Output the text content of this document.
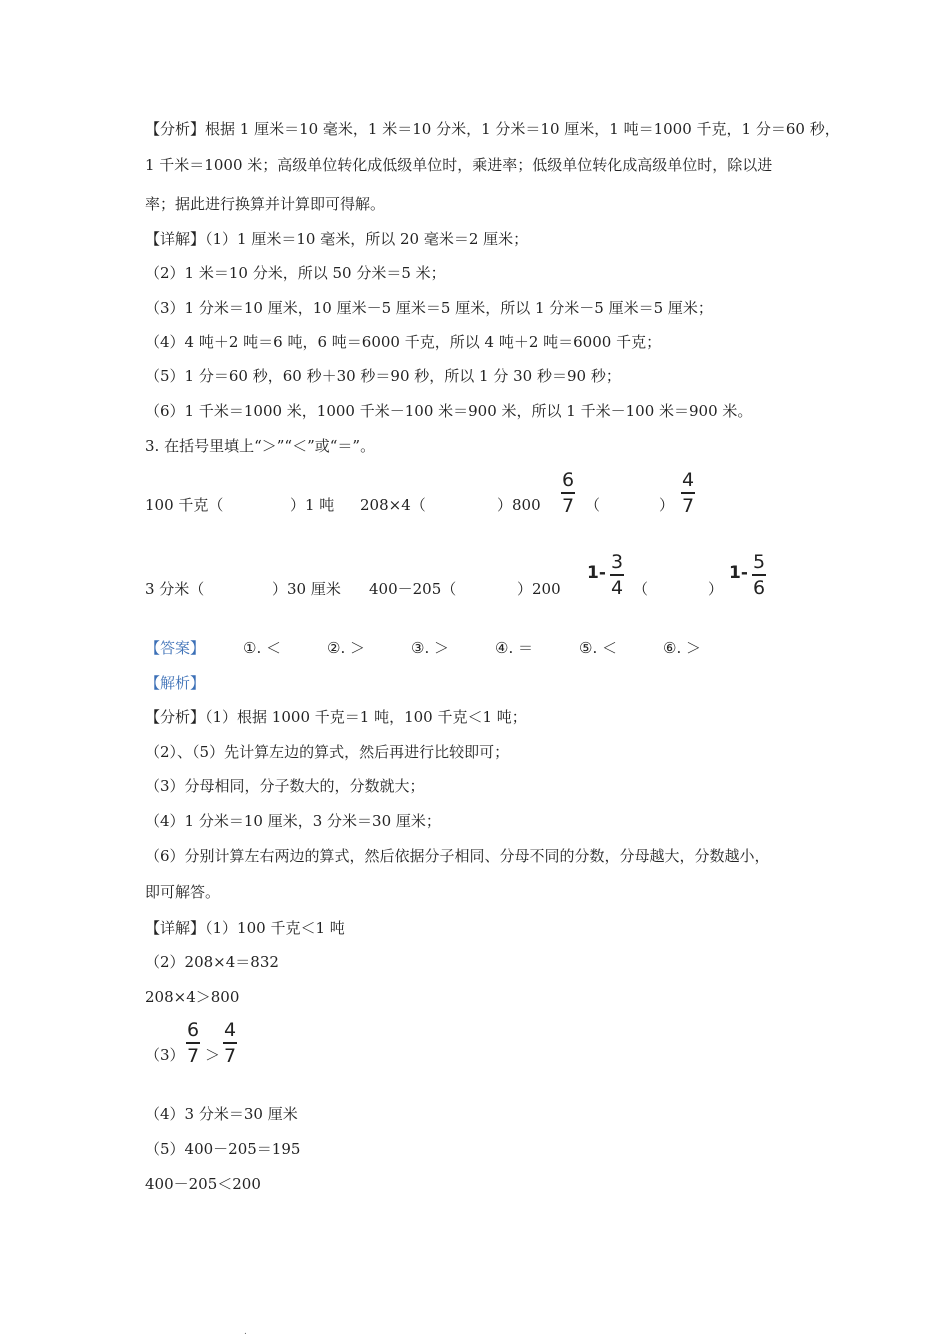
【分析】根据 1 厘米＝10 毫米，1 米＝10 分米，1 分米＝10 厘米，1 吨＝1000 千克，1 分＝60 秒，
1 千米＝1000 米；高级单位转化成低级单位时，乘进率；低级单位转化成高级单位时，除以进
率；据此进行换算并计算即可得解。
【详解】（1）1 厘米＝10 毫米，所以 20 毫米＝2 厘米；
（2）1 米＝10 分米，所以 50 分米＝5 米；
（3）1 分米＝10 厘米，10 厘米－5 厘米＝5 厘米，所以 1 分米－5 厘米＝5 厘米；
（4）4 吨＋2 吨＝6 吨，6 吨＝6000 千克，所以 4 吨＋2 吨＝6000 千克；
（5）1 分＝60 秒，60 秒＋30 秒＝90 秒，所以 1 分 30 秒＝90 秒；
（6）1 千米＝1000 米，1000 千米－100 米＝900 米，所以 1 千米－100 米＝900 米。
3. 在括号里填上“＞”“＜”或“＝”。
100 千克（	）1 吨 208×4（	）800
6
7 （	）
4
7
3 分米（	）30 厘米 400－205（	）200
1- 3
4 （	）
1- 5
6
【答案】	①. ＜	②. ＞	③. ＞	④. ＝	⑤. ＜	⑥. ＞
【解析】
【分析】（1）根据 1000 千克＝1 吨，100 千克＜1 吨；
（2）、（5）先计算左边的算式，然后再进行比较即可；
（3）分母相同，分子数大的，分数就大；
（4）1 分米＝10 厘米，3 分米＝30 厘米；
（6）分别计算左右两边的算式，然后依据分子相同、分母不同的分数，分母越大，分数越小，
即可解答。
【详解】（1）100 千克＜1 吨
（2）208×4＝832
208×4＞800
（3）
6
7 ＞
4
7
（4）3 分米＝30 厘米
（5）400－205＝195
400－205＜200
.
